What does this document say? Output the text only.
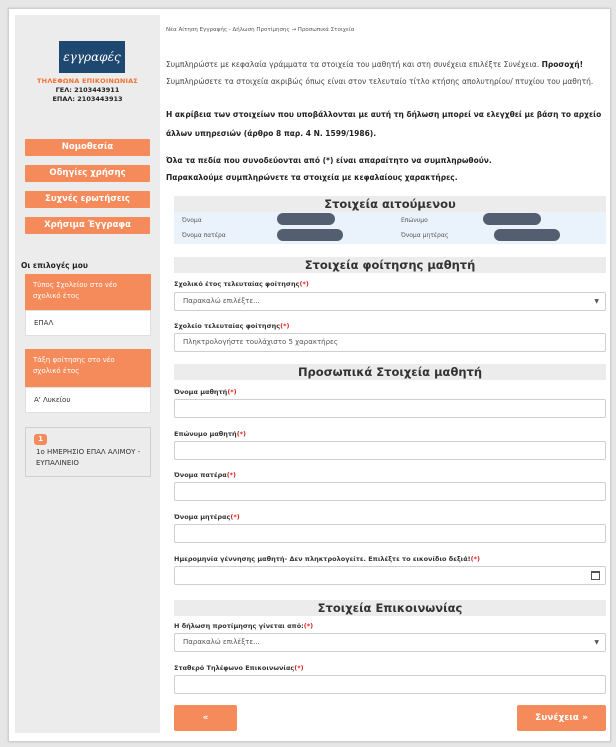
εγγραφές
ΤΗΛΕΦΩΝΑ ΕΠΙΚΟΙΝΩΝΙΑΣ
ΓΕΛ: 2103443911
ΕΠΑΛ: 2103443913
Νομοθεσία
Οδηγίες χρήσης
Συχνές ερωτήσεις
Χρήσιμα Έγγραφα
Οι επιλογές μου
Τύπος Σχολείου στο νέο σχολικό έτος
ΕΠΑΛ
Τάξη φοίτησης στο νέο σχολικό έτος
Α' Λυκείου
1
1ο ΗΜΕΡΗΣΙΟ ΕΠΑΛ ΑΛΙΜΟΥ - ΕΥΠΑΛΙΝΕΙΟ
Νέα Αίτηση Εγγραφής - Δήλωση Προτίμησης → Προσωπικά Στοιχεία
Συμπληρώστε με κεφαλαία γράμματα τα στοιχεία του μαθητή και στη συνέχεια επιλέξτε Συνέχεια. Προσοχή!
Συμπληρώσετε τα στοιχεία ακριβώς όπως είναι στον τελευταίο τίτλο κτήσης απολυτηρίου/ πτυχίου του μαθητή.
Η ακρίβεια των στοιχείων που υποβάλλονται με αυτή τη δήλωση μπορεί να ελεγχθεί με βάση το αρχείο
άλλων υπηρεσιών (άρθρο 8 παρ. 4 Ν. 1599/1986).
Όλα τα πεδία που συνοδεύονται από (*) είναι απαραίτητο να συμπληρωθούν.
Παρακαλούμε συμπληρώνετε τα στοιχεία με κεφαλαίους χαρακτήρες.
Στοιχεία αιτούμενου
Όνομα	Επώνυμο
Όνομα πατέρα	Όνομα μητέρας
Στοιχεία φοίτησης μαθητή
Σχολικό έτος τελευταίας φοίτησης(*)
Παρακαλώ επιλέξτε...	▼
Σχολείο τελευταίας φοίτησης(*)
Πληκτρολογήστε τουλάχιστο 5 χαρακτήρες
Προσωπικά Στοιχεία μαθητή
Όνομα μαθητή(*)
Επώνυμο μαθητή(*)
Όνομα πατέρα(*)
Όνομα μητέρας(*)
Ημερομηνία γέννησης μαθητή- Δεν πληκτρολογείτε. Επιλέξτε το εικονίδιο δεξιά!(*)
Στοιχεία Επικοινωνίας
Η δήλωση προτίμησης γίνεται από:(*)
Παρακαλώ επιλέξτε...	▼
Σταθερό Τηλέφωνο Επικοινωνίας(*)
«	Συνέχεια »
